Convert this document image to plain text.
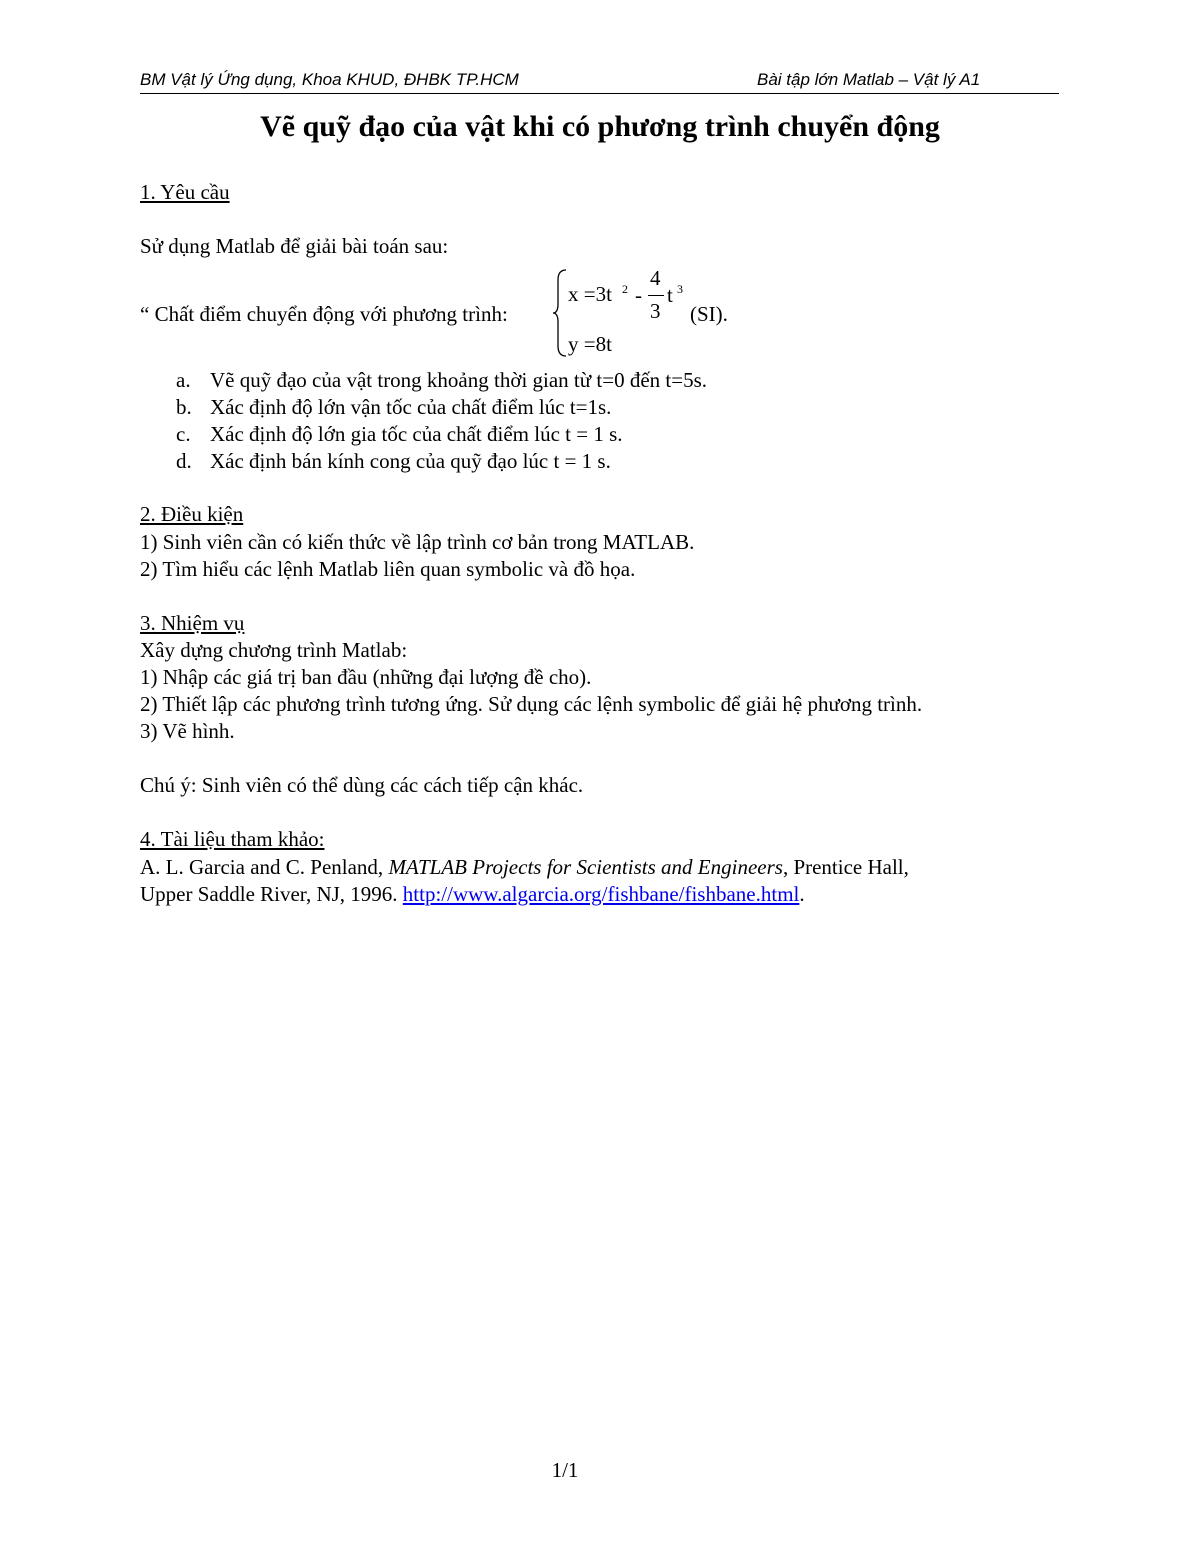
BM Vật lý Ứng dụng, Khoa KHUD, ĐHBK TP.HCM	Bài tập lớn Matlab – Vật lý A1
Vẽ quỹ đạo của vật khi có phương trình chuyển động
1. Yêu cầu
Sử dụng Matlab để giải bài toán sau:
“ Chất điểm chuyển động với phương trình:
x =3t 2 -
4
3
t 3
y =8t
(SI).
a. Vẽ quỹ đạo của vật trong khoảng thời gian từ t=0 đến t=5s.
b. Xác định độ lớn vận tốc của chất điểm lúc t=1s.
c. Xác định độ lớn gia tốc của chất điểm lúc t = 1 s.
d. Xác định bán kính cong của quỹ đạo lúc t = 1 s.
2. Điều kiện
1) Sinh viên cần có kiến thức về lập trình cơ bản trong MATLAB.
2) Tìm hiểu các lệnh Matlab liên quan symbolic và đồ họa.
3. Nhiệm vụ
Xây dựng chương trình Matlab:
1) Nhập các giá trị ban đầu (những đại lượng đề cho).
2) Thiết lập các phương trình tương ứng. Sử dụng các lệnh symbolic để giải hệ phương trình.
3) Vẽ hình.
Chú ý: Sinh viên có thể dùng các cách tiếp cận khác.
4. Tài liệu tham khảo:
A. L. Garcia and C. Penland, MATLAB Projects for Scientists and Engineers, Prentice Hall,
Upper Saddle River, NJ, 1996. http://www.algarcia.org/fishbane/fishbane.html.
1/1
